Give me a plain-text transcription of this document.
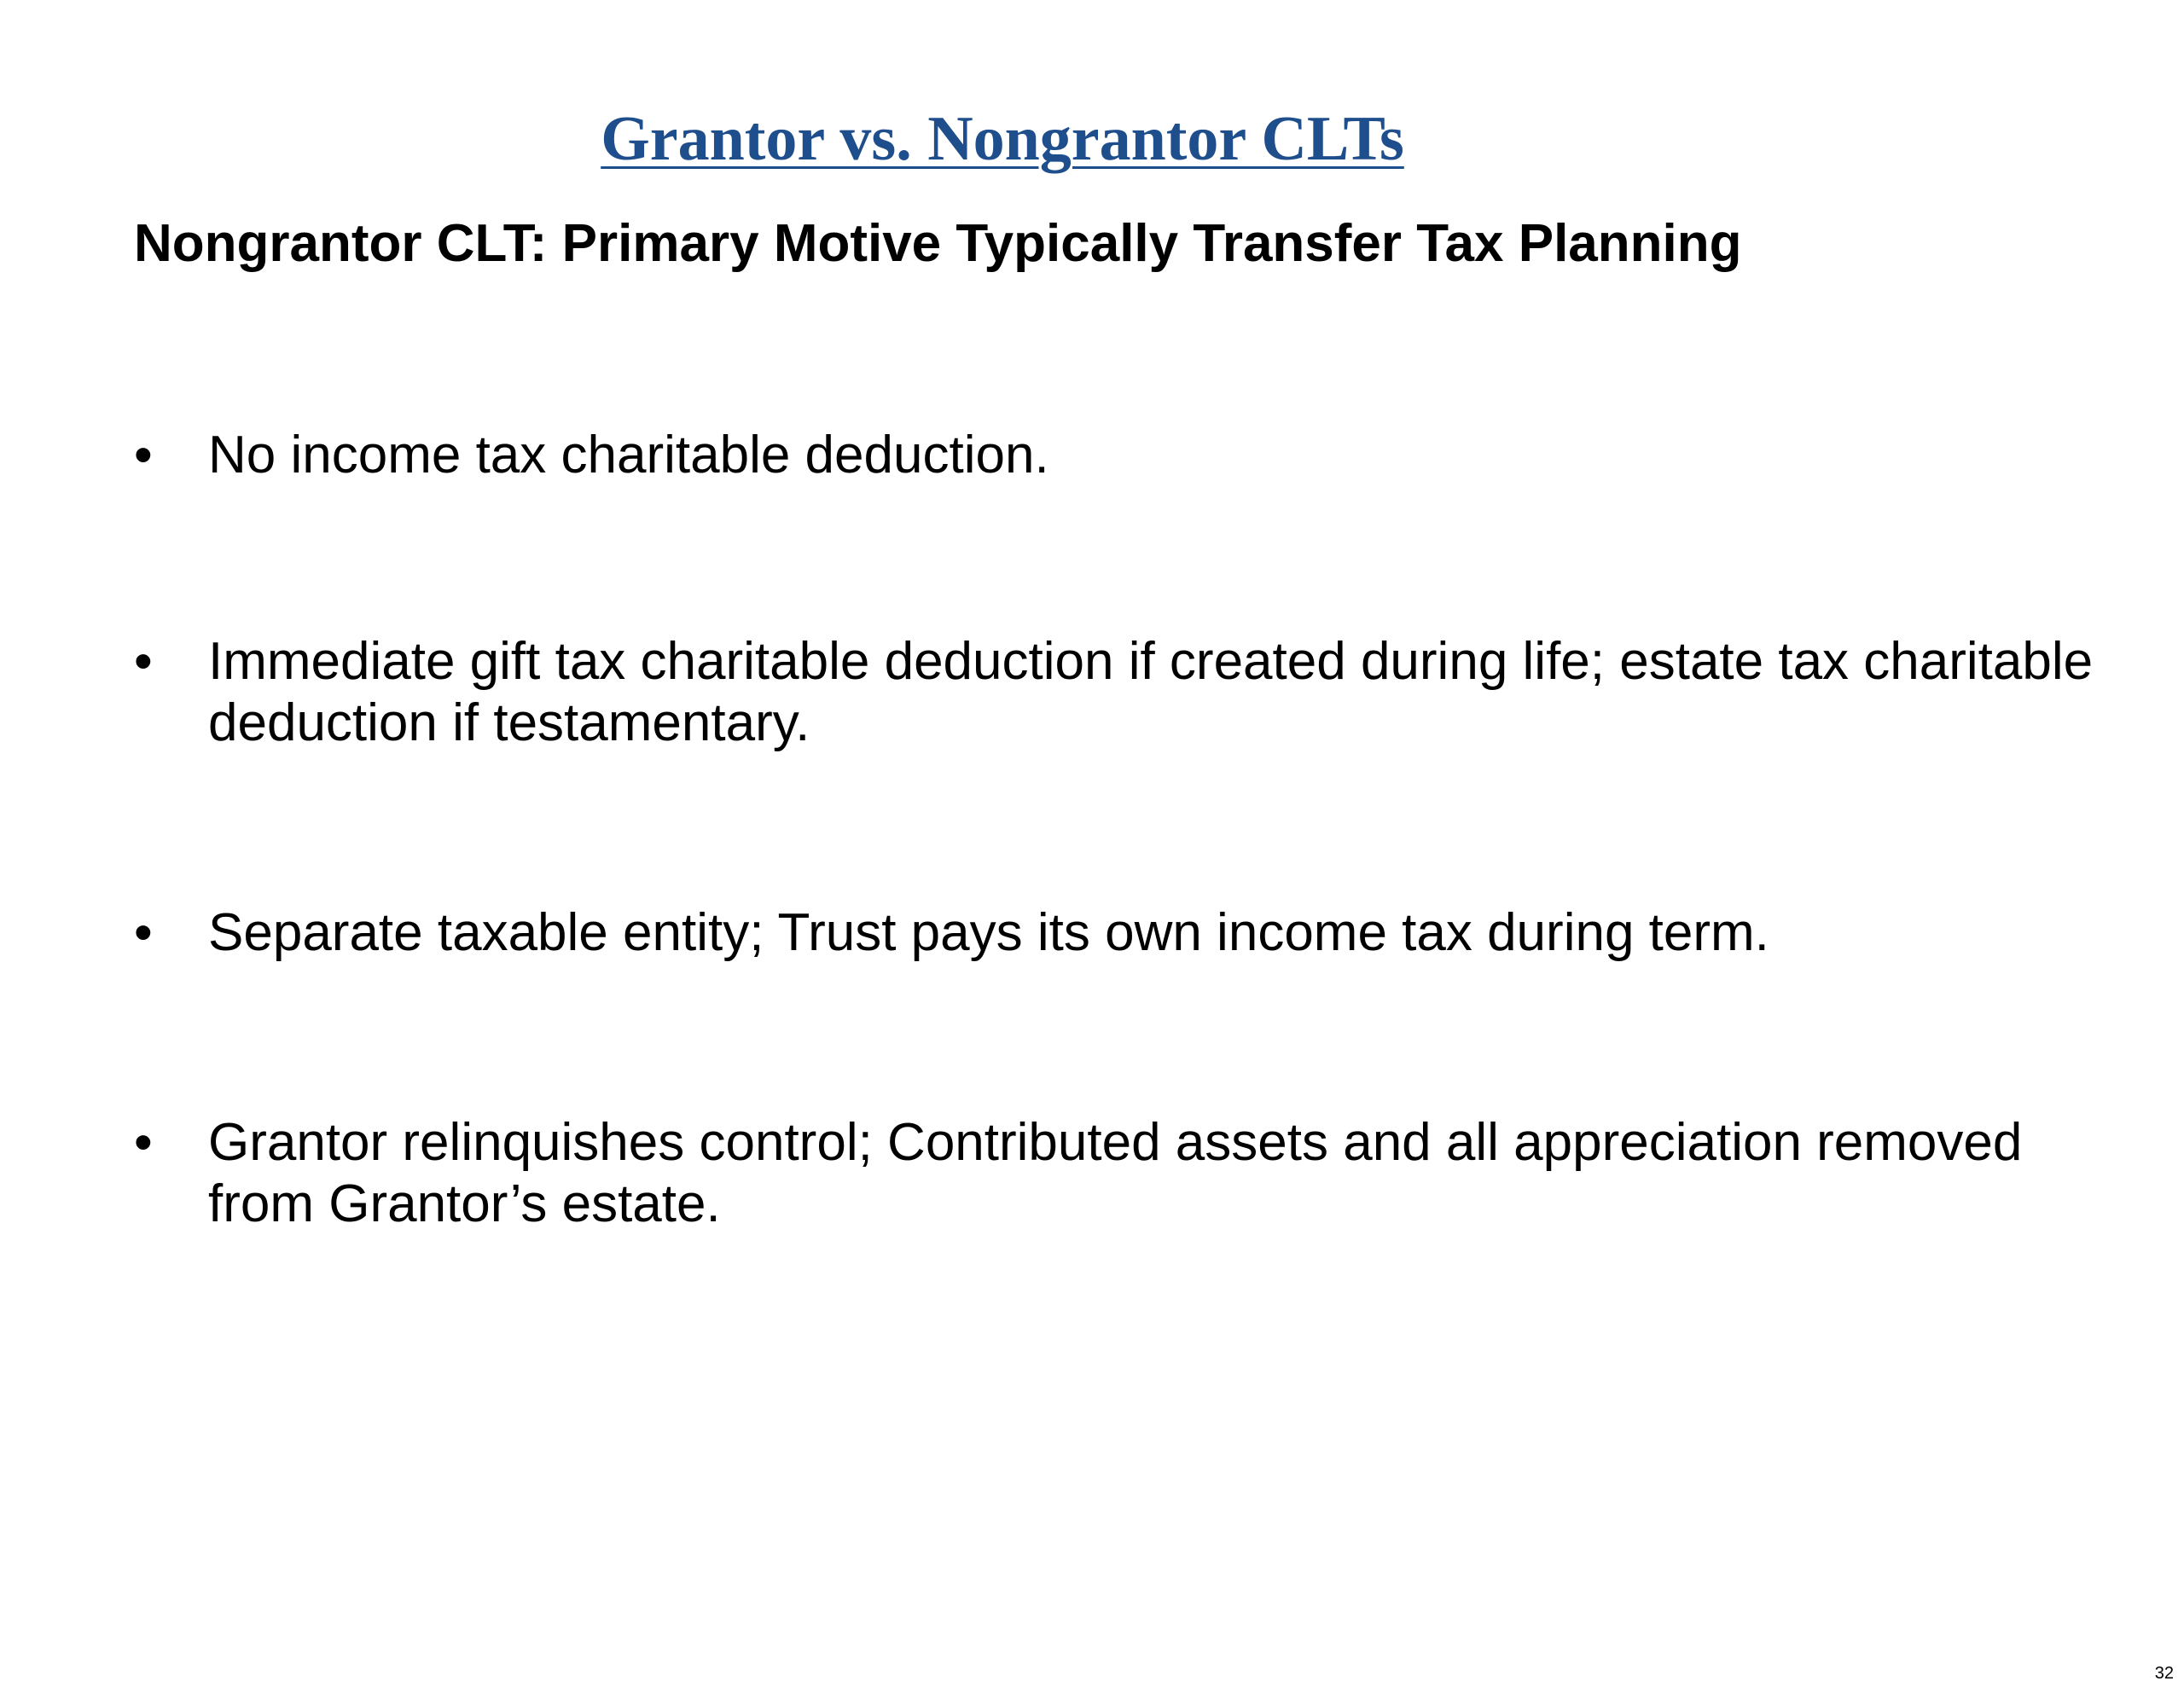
Grantor vs. Nongrantor CLTs
Nongrantor CLT: Primary Motive Typically Transfer Tax Planning
•	No income tax charitable deduction.
•	Immediate gift tax charitable deduction if created during life; estate tax charitable deduction if testamentary.
•	Separate taxable entity; Trust pays its own income tax during term.
•	Grantor relinquishes control; Contributed assets and all appreciation removed from Grantor’s estate.
32
